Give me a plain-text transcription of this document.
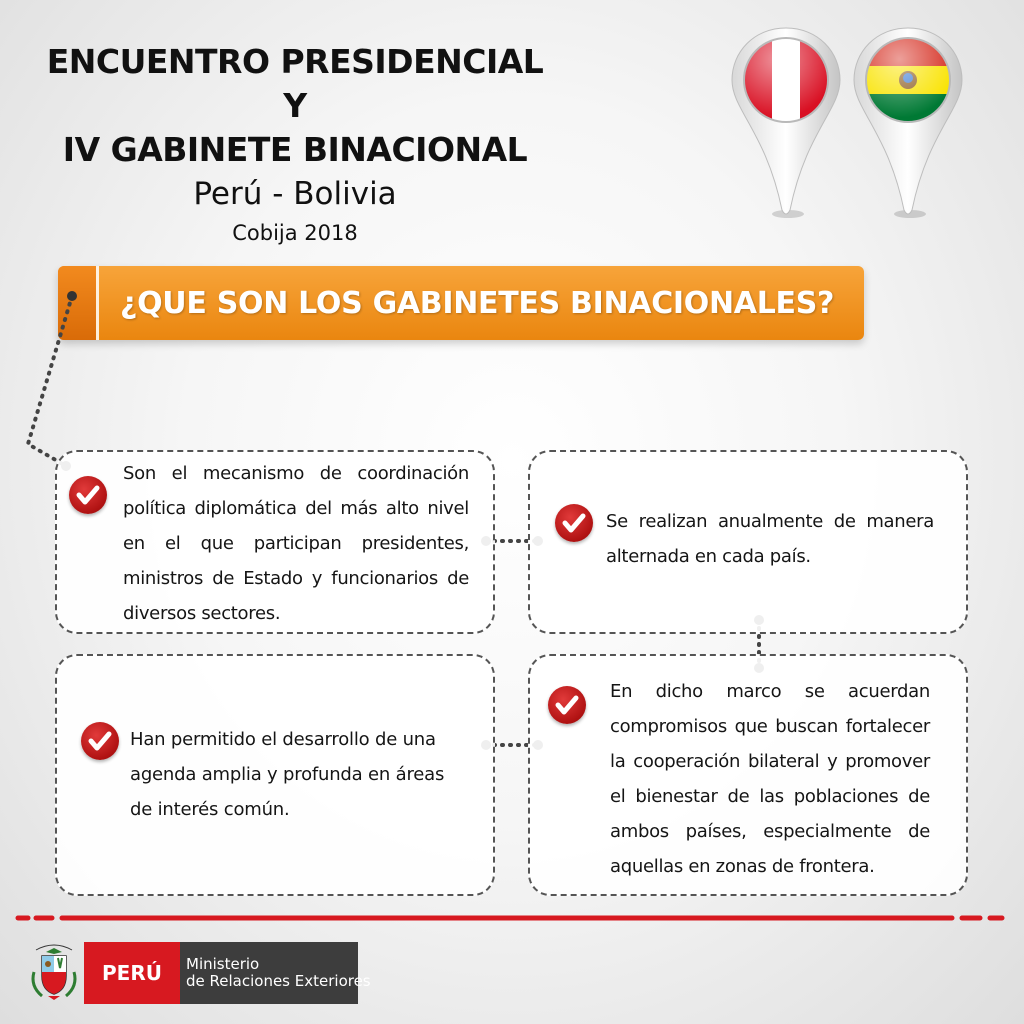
ENCUENTRO PRESIDENCIAL Y
IV GABINETE BINACIONAL
Perú - Bolivia
Cobija 2018
¿QUE SON LOS GABINETES BINACIONALES?
Son el mecanismo de coordinación política diplomática del más alto nivel en el que participan presidentes, ministros de Estado y funcionarios de diversos sectores.
Se realizan anualmente de manera alternada en cada país.
Han permitido el desarrollo de una agenda amplia y profunda en áreas de interés común.
En dicho marco se acuerdan compromisos que buscan fortalecer la cooperación bilateral y promover el bienestar de las poblaciones de ambos países, especialmente de aquellas en zonas de frontera.
PERÚ	Ministerio
de Relaciones Exteriores
